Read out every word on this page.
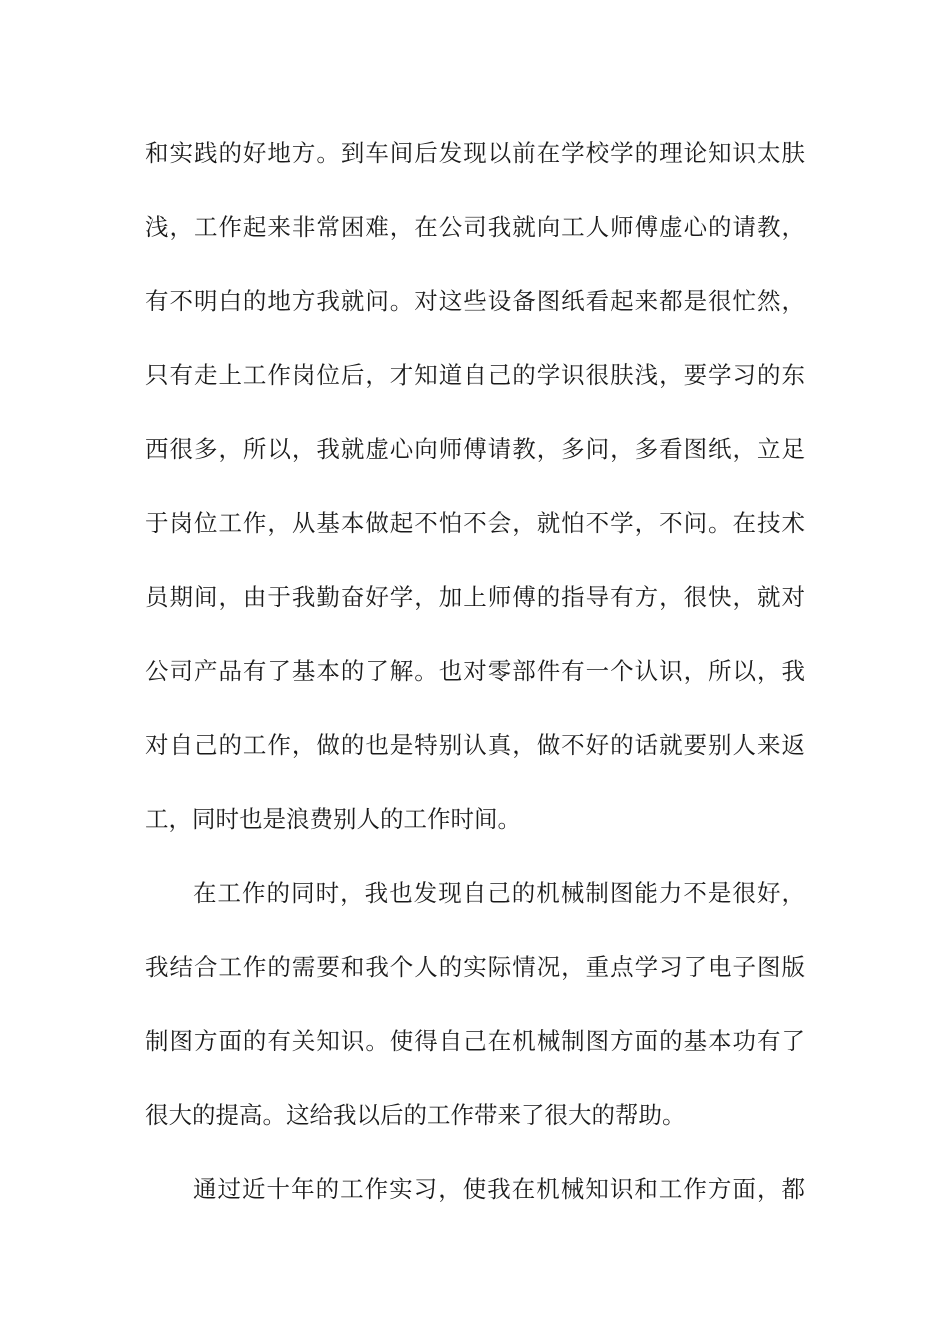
和实践的好地方。到车间后发现以前在学校学的理论知识太肤
浅，工作起来非常困难，在公司我就向工人师傅虚心的请教，
有不明白的地方我就问。对这些设备图纸看起来都是很忙然，
只有走上工作岗位后，才知道自己的学识很肤浅，要学习的东
西很多，所以，我就虚心向师傅请教，多问，多看图纸，立足
于岗位工作，从基本做起不怕不会，就怕不学，不问。在技术
员期间，由于我勤奋好学，加上师傅的指导有方，很快，就对
公司产品有了基本的了解。也对零部件有一个认识，所以，我
对自己的工作，做的也是特别认真，做不好的话就要别人来返
工，同时也是浪费别人的工作时间。
在工作的同时，我也发现自己的机械制图能力不是很好，
我结合工作的需要和我个人的实际情况，重点学习了电子图版
制图方面的有关知识。使得自己在机械制图方面的基本功有了
很大的提高。这给我以后的工作带来了很大的帮助。
通过近十年的工作实习，使我在机械知识和工作方面，都
